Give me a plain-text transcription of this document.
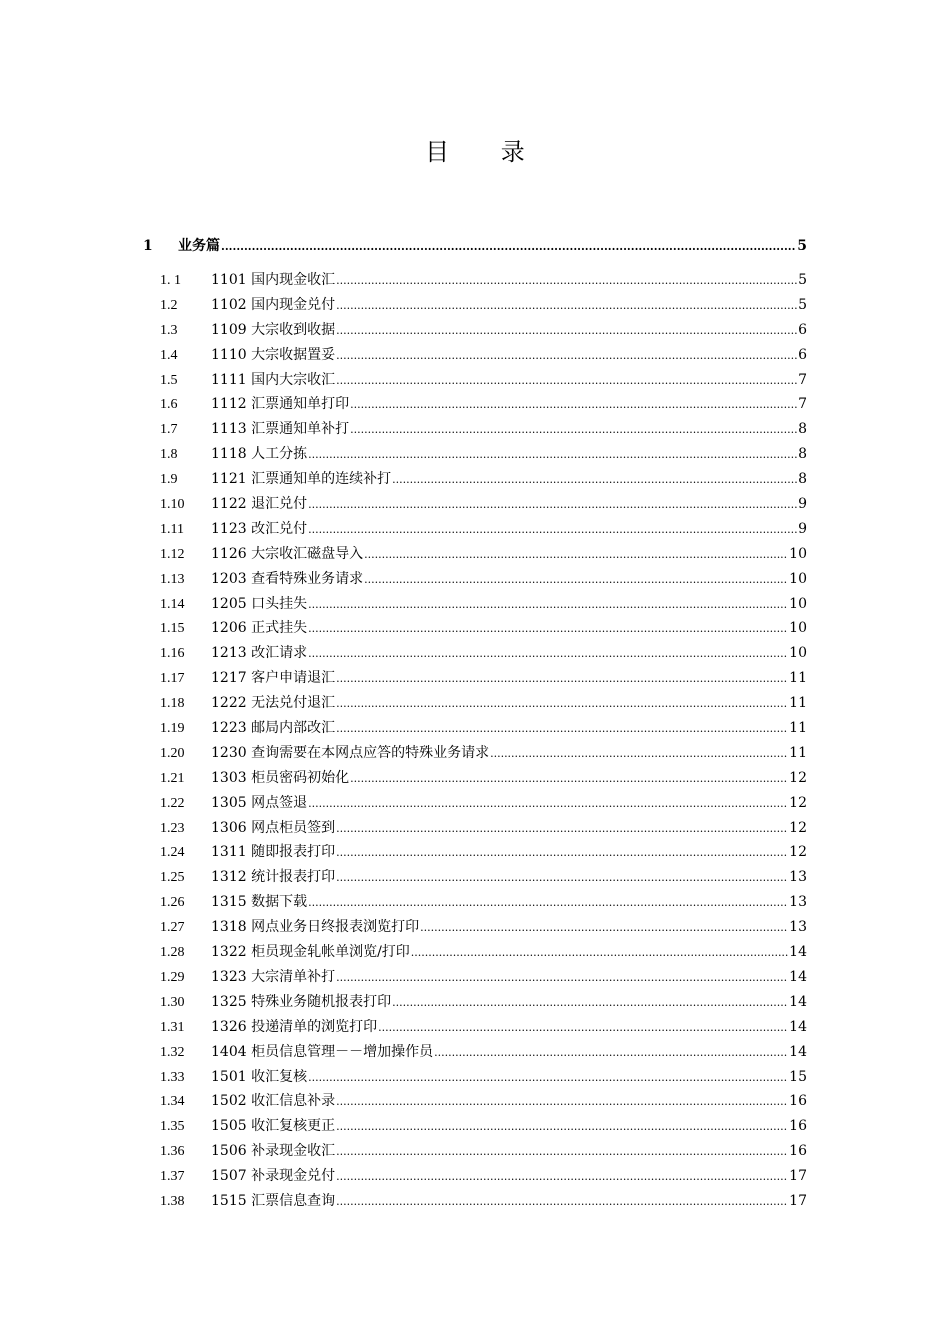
目 录
1	业务篇 .....	5
1. 1	1101 国内现金收汇 .....	5
1.2	1102 国内现金兑付 .....	5
1.3	1109 大宗收到收据 .....	6
1.4	1110 大宗收据置妥 .....	6
1.5	1111 国内大宗收汇 .....	7
1.6	1112 汇票通知单打印 .....	7
1.7	1113 汇票通知单补打 .....	8
1.8	1118 人工分拣 .....	8
1.9	1121 汇票通知单的连续补打 .....	8
1.10	1122 退汇兑付 .....	9
1.11	1123 改汇兑付 .....	9
1.12	1126 大宗收汇磁盘导入 .....	10
1.13	1203 查看特殊业务请求 .....	10
1.14	1205 口头挂失 .....	10
1.15	1206 正式挂失 .....	10
1.16	1213 改汇请求 .....	10
1.17	1217 客户申请退汇 .....	11
1.18	1222 无法兑付退汇 .....	11
1.19	1223 邮局内部改汇 .....	11
1.20	1230 查询需要在本网点应答的特殊业务请求 .....	11
1.21	1303 柜员密码初始化 .....	12
1.22	1305 网点签退 .....	12
1.23	1306 网点柜员签到 .....	12
1.24	1311 随即报表打印 .....	12
1.25	1312 统计报表打印 .....	13
1.26	1315 数据下载 .....	13
1.27	1318 网点业务日终报表浏览打印 .....	13
1.28	1322 柜员现金轧帐单浏览/打印 .....	14
1.29	1323 大宗清单补打 .....	14
1.30	1325 特殊业务随机报表打印 .....	14
1.31	1326 投递清单的浏览打印 .....	14
1.32	1404 柜员信息管理－－增加操作员 .....	14
1.33	1501 收汇复核 .....	15
1.34	1502 收汇信息补录 .....	16
1.35	1505 收汇复核更正 .....	16
1.36	1506 补录现金收汇 .....	16
1.37	1507 补录现金兑付 .....	17
1.38	1515 汇票信息查询 .....	17
